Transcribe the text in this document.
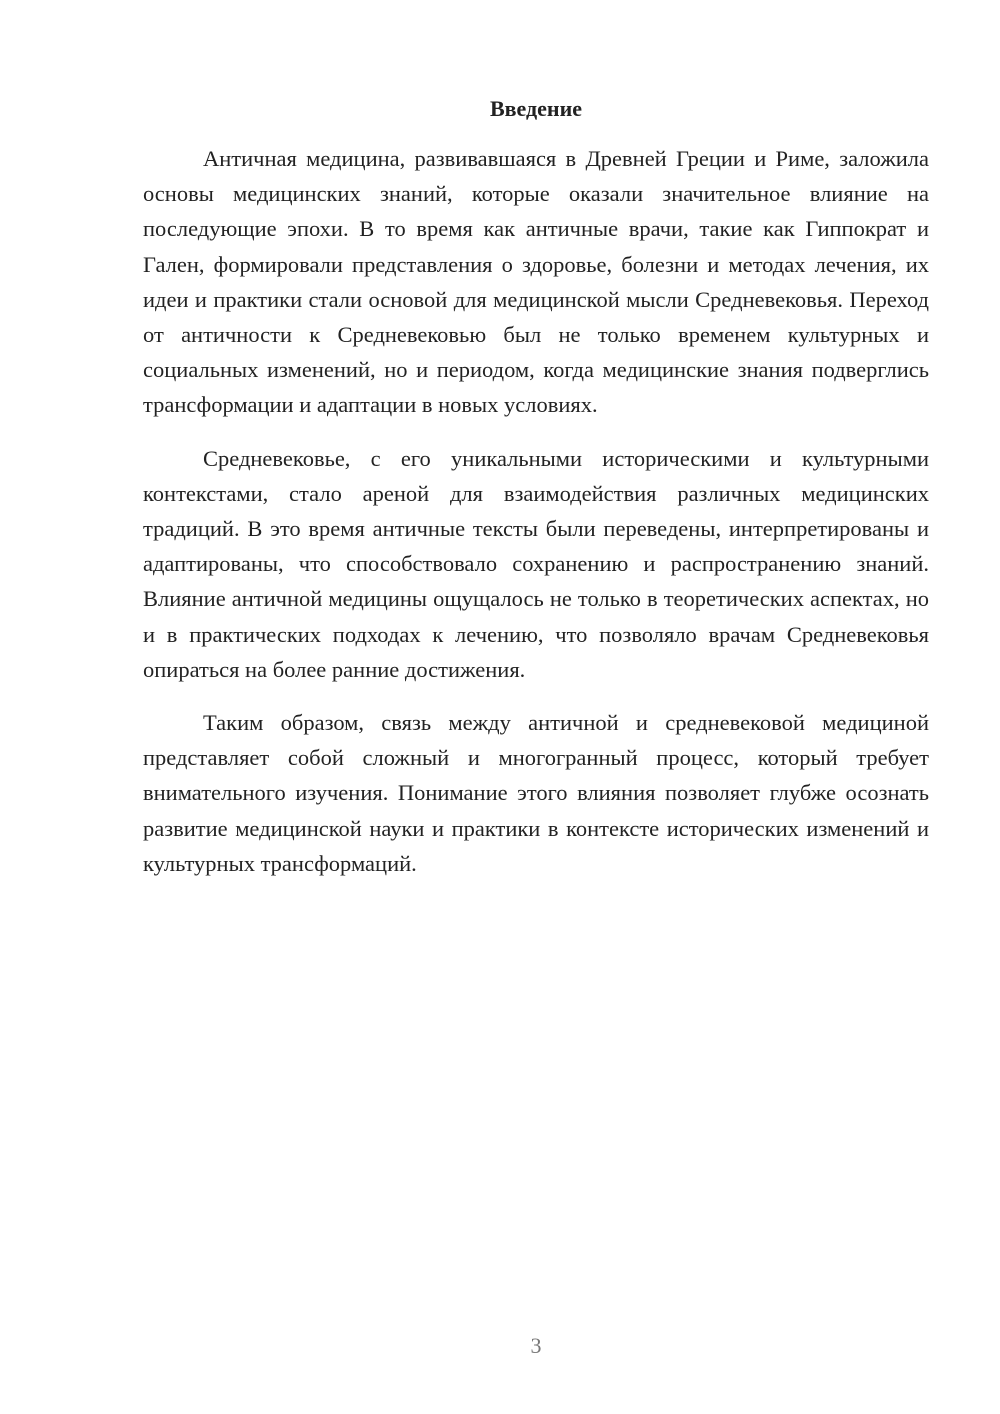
Введение

Античная медицина, развивавшаяся в Древней Греции и Риме, заложила основы медицинских знаний, которые оказали значительное влияние на последующие эпохи. В то время как античные врачи, такие как Гиппократ и Гален, формировали представления о здоровье, болезни и методах лечения, их идеи и практики стали основой для медицинской мысли Средневековья. Переход от античности к Средневековью был не только временем культурных и социальных изменений, но и периодом, когда медицинские знания подверглись трансформации и адаптации в новых условиях.

Средневековье, с его уникальными историческими и культурными контекстами, стало ареной для взаимодействия различных медицинских традиций. В это время античные тексты были переведены, интерпретированы и адаптированы, что способствовало сохранению и распространению знаний. Влияние античной медицины ощущалось не только в теоретических аспектах, но и в практических подходах к лечению, что позволяло врачам Средневековья опираться на более ранние достижения.

Таким образом, связь между античной и средневековой медициной представляет собой сложный и многогранный процесс, который требует внимательного изучения. Понимание этого влияния позволяет глубже осознать развитие медицинской науки и практики в контексте исторических изменений и культурных трансформаций.

3
